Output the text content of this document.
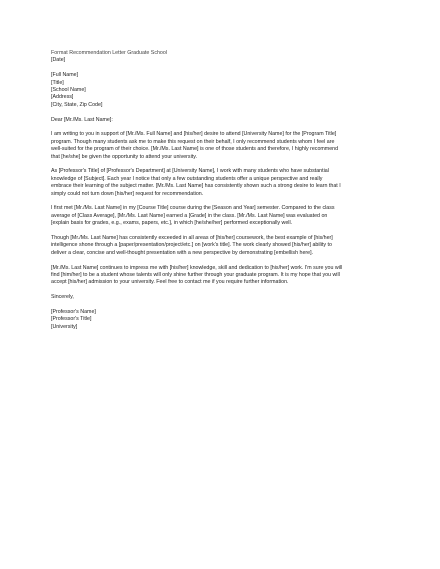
Format Recommendation Letter Graduate School
[Date]
[Full Name]
[Title]
[School Name]
[Address]
[City, State, Zip Code]
Dear [Mr./Ms. Last Name]:

I am writing to you in support of [Mr./Ms. Full Name] and [his/her] desire to attend [University Name] for the [Program Title]
program. Though many students ask me to make this request on their behalf, I only recommend students whom I feel are
well-suited for the program of their choice. [Mr./Ms. Last Name] is one of those students and therefore, I highly recommend
that [he/she] be given the opportunity to attend your university.

As [Professor's Title] of [Professor's Department] at [University Name], I work with many students who have substantial
knowledge of [Subject]. Each year I notice that only a few outstanding students offer a unique perspective and really
embrace their learning of the subject matter. [Mr./Ms. Last Name] has consistently shown such a strong desire to learn that I
simply could not turn down [his/her] request for recommendation.

I first met [Mr./Ms. Last Name] in my [Course Title] course during the [Season and Year] semester. Compared to the class
average of [Class Average], [Mr./Ms. Last Name] earned a [Grade] in the class. [Mr./Ms. Last Name] was evaluated on
[explain basis for grades, e.g., exams, papers, etc.], in which [he/she/her] performed exceptionally well.

Though [Mr./Ms. Last Name] has consistently exceeded in all areas of [his/her] coursework, the best example of [his/her]
intelligence shone through a [paper/presentation/project/etc.] on [work's title]. The work clearly showed [his/her] ability to
deliver a clear, concise and well-thought presentation with a new perspective by demonstrating [embellish here].

[Mr./Ms. Last Name] continues to impress me with [his/her] knowledge, skill and dedication to [his/her] work. I'm sure you will
find [him/her] to be a student whose talents will only shine further through your graduate program. It is my hope that you will
accept [his/her] admission to your university. Feel free to contact me if you require further information.

Sincerely,
[Professor's Name]
[Professor's Title]
[University]
